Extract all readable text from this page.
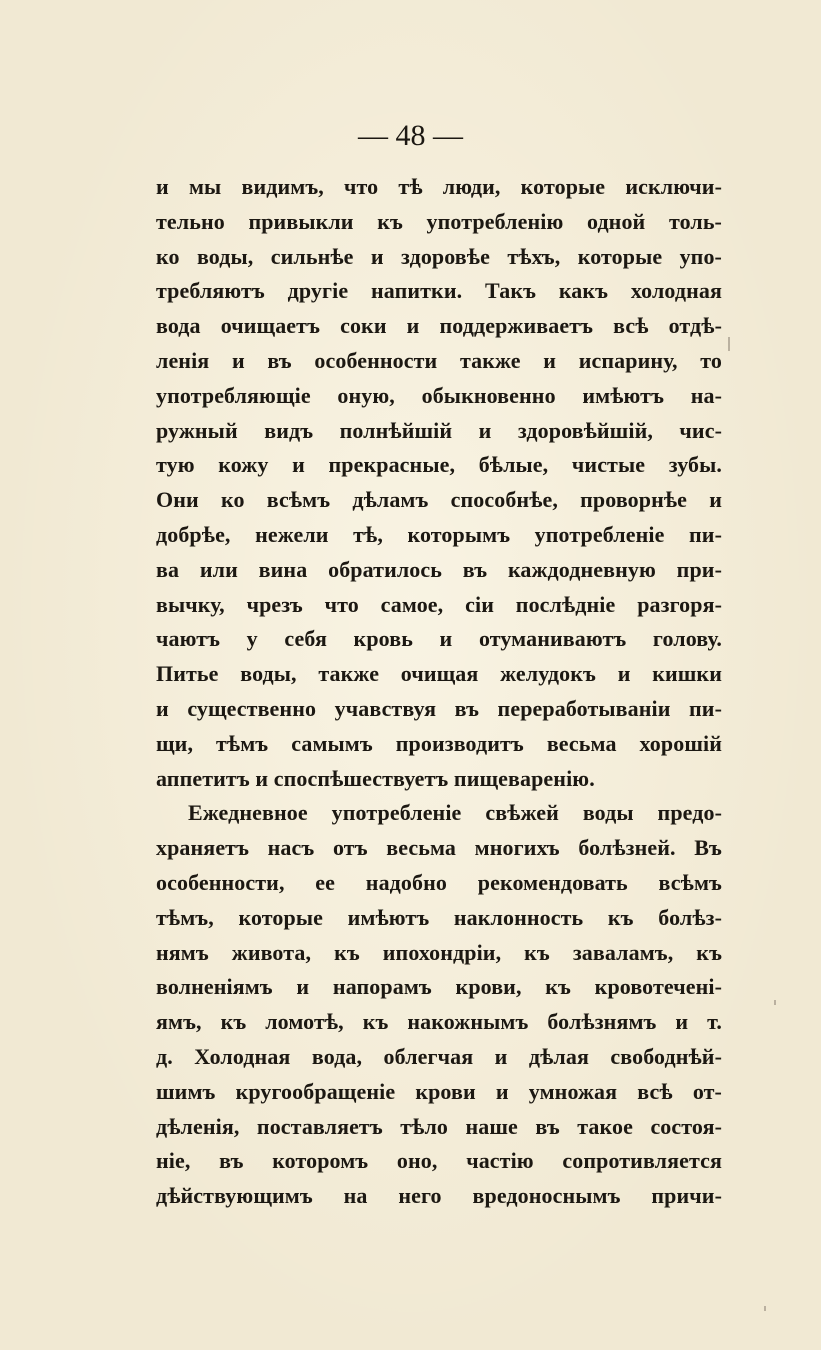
— 48 —
и мы видимъ, что тѣ люди, которые исключи-
тельно привыкли къ употребленію одной толь-
ко воды, сильнѣе и здоровѣе тѣхъ, которые упо-
требляютъ другіе напитки. Такъ какъ холодная
вода очищаетъ соки и поддерживаетъ всѣ отдѣ-
ленія и въ особенности также и испарину, то
употребляющіе оную, обыкновенно имѣютъ на-
ружный видъ полнѣйшій и здоровѣйшій, чис-
тую кожу и прекрасные, бѣлые, чистые зубы.
Они ко всѣмъ дѣламъ способнѣе, проворнѣе и
добрѣе, нежели тѣ, которымъ употребленіе пи-
ва или вина обратилось въ каждодневную при-
вычку, чрезъ что самое, сіи послѣдніе разгоря-
чаютъ у себя кровь и отуманиваютъ голову.
Питье воды, также очищая желудокъ и кишки
и существенно учавствуя въ переработываніи пи-
щи, тѣмъ самымъ производитъ весьма хорошій
аппетитъ и споспѣшествуетъ пищеваренію.
Ежедневное употребленіе свѣжей воды предо-
храняетъ насъ отъ весьма многихъ болѣзней. Въ
особенности, ее надобно рекомендовать всѣмъ
тѣмъ, которые имѣютъ наклонность къ болѣз-
нямъ живота, къ ипохондріи, къ заваламъ, къ
волненіямъ и напорамъ крови, къ кровотечені-
ямъ, къ ломотѣ, къ накожнымъ болѣзнямъ и т.
д. Холодная вода, облегчая и дѣлая свободнѣй-
шимъ кругообращеніе крови и умножая всѣ от-
дѣленія, поставляетъ тѣло наше въ такое состоя-
ніе, въ которомъ оно, частію сопротивляется
дѣйствующимъ на него вредоноснымъ причи-
